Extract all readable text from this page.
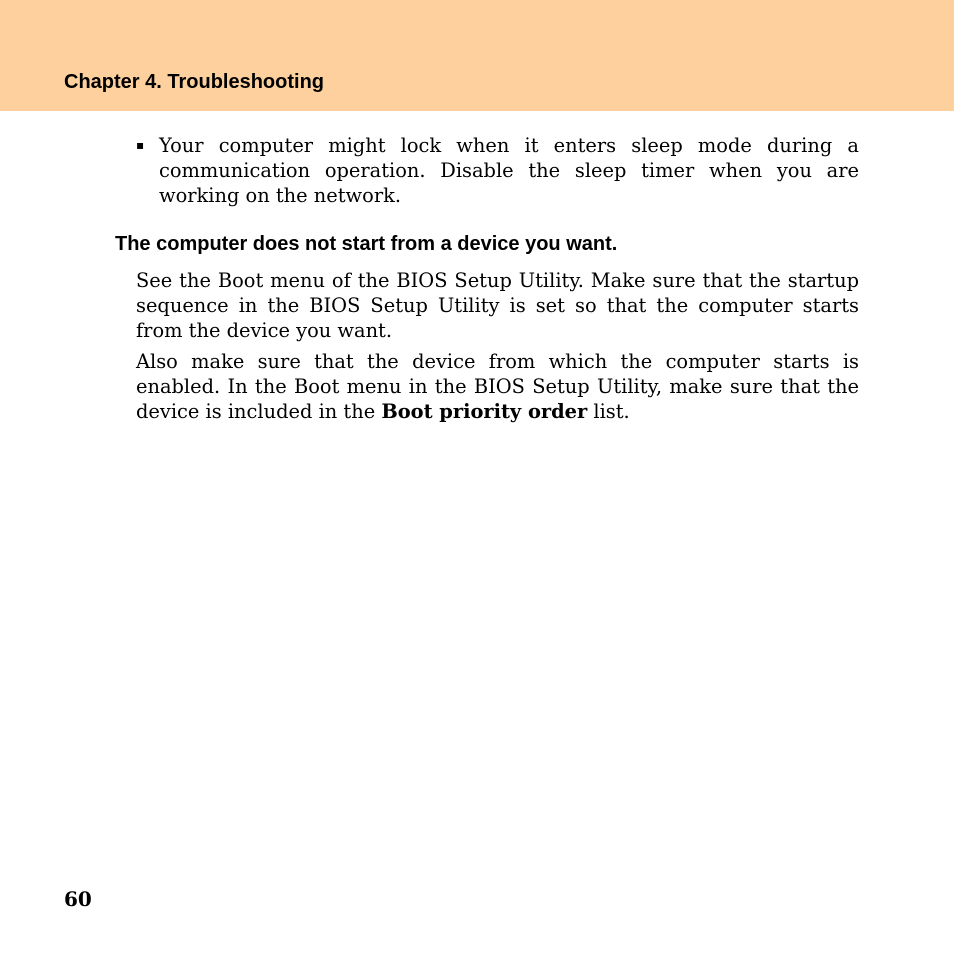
Chapter 4. Troubleshooting
▪ Your computer might lock when it enters sleep mode during a communication operation. Disable the sleep timer when you are working on the network.

The computer does not start from a device you want.

See the Boot menu of the BIOS Setup Utility. Make sure that the startup sequence in the BIOS Setup Utility is set so that the computer starts from the device you want.

Also make sure that the device from which the computer starts is enabled. In the Boot menu in the BIOS Setup Utility, make sure that the device is included in the Boot priority order list.

60
